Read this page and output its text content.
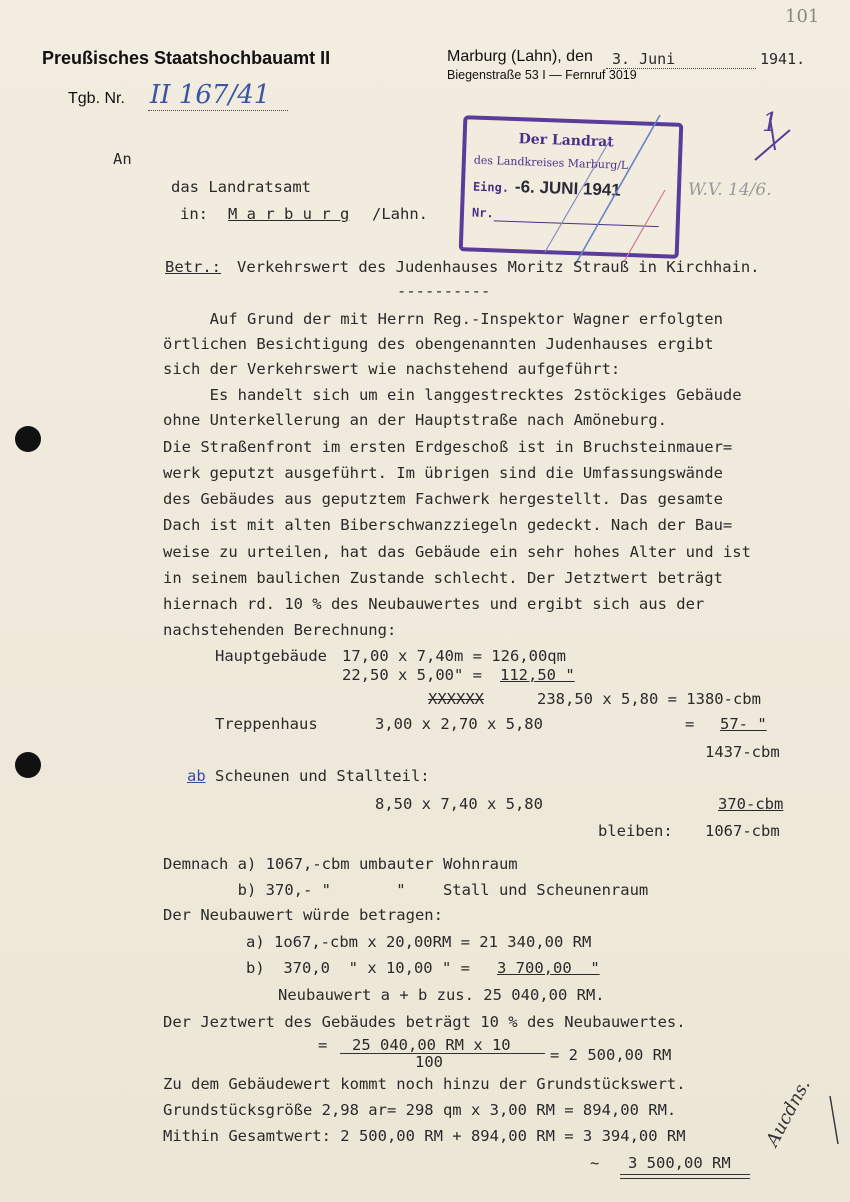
101
Preußisches Staatshochbauamt II
Tgb. Nr. II 167/41
Marburg (Lahn), den 3. Juni	1941.
Biegenstraße 53 I — Fernruf 3019
An
das Landratsamt
in: M a r b u r g /Lahn.
Der Landrat
des Landkreises Marburg/L.
Eing. -6. JUNI 1941
Nr.
1
W.V. 14/6.
Betr.: Verkehrswert des Judenhauses Moritz Strauß in Kirchhain.
----------
Auf Grund der mit Herrn Reg.-Inspektor Wagner erfolgten
örtlichen Besichtigung des obengenannten Judenhauses ergibt
sich der Verkehrswert wie nachstehend aufgeführt:
Es handelt sich um ein langgestrecktes 2stöckiges Gebäude
ohne Unterkellerung an der Hauptstraße nach Amöneburg.
Die Straßenfront im ersten Erdgeschoß ist in Bruchsteinmauer=
werk geputzt ausgeführt. Im übrigen sind die Umfassungswände
des Gebäudes aus geputztem Fachwerk hergestellt. Das gesamte
Dach ist mit alten Biberschwanzziegeln gedeckt. Nach der Bau=
weise zu urteilen, hat das Gebäude ein sehr hohes Alter und ist
in seinem baulichen Zustande schlecht. Der Jetztwert beträgt
hiernach rd. 10 % des Neubauwertes und ergibt sich aus der
nachstehenden Berechnung:
Hauptgebäude 17,00 x 7,40m = 126,00qm
22,50 x 5,00" = 112,50 "
XXXXXX	238,50 x 5,80 = 1380-cbm
Treppenhaus	3,00 x 2,70 x 5,80	= 57- "
1437-cbm
ab Scheunen und Stallteil:
8,50 x 7,40 x 5,80	370-cbm
bleiben: 1067-cbm
Demnach a) 1067,-cbm umbauter Wohnraum
b) 370,- "       "    Stall und Scheunenraum
Der Neubauwert würde betragen:
a) 1o67,-cbm x 20,00RM = 21 340,00 RM
b)  370,0  " x 10,00 " = 3 700,00  "
Neubauwert a + b zus. 25 040,00 RM.
Der Jeztwert des Gebäudes beträgt 10 % des Neubauwertes.
= 25 040,00 RM x 10
100	= 2 500,00 RM
Zu dem Gebäudewert kommt noch hinzu der Grundstückswert.
Grundstücksgröße 2,98 ar= 298 qm x 3,00 RM = 894,00 RM.
Mithin Gesamtwert: 2 500,00 RM + 894,00 RM = 3 394,00 RM
~ 3 500,00 RM
Aucdns.
